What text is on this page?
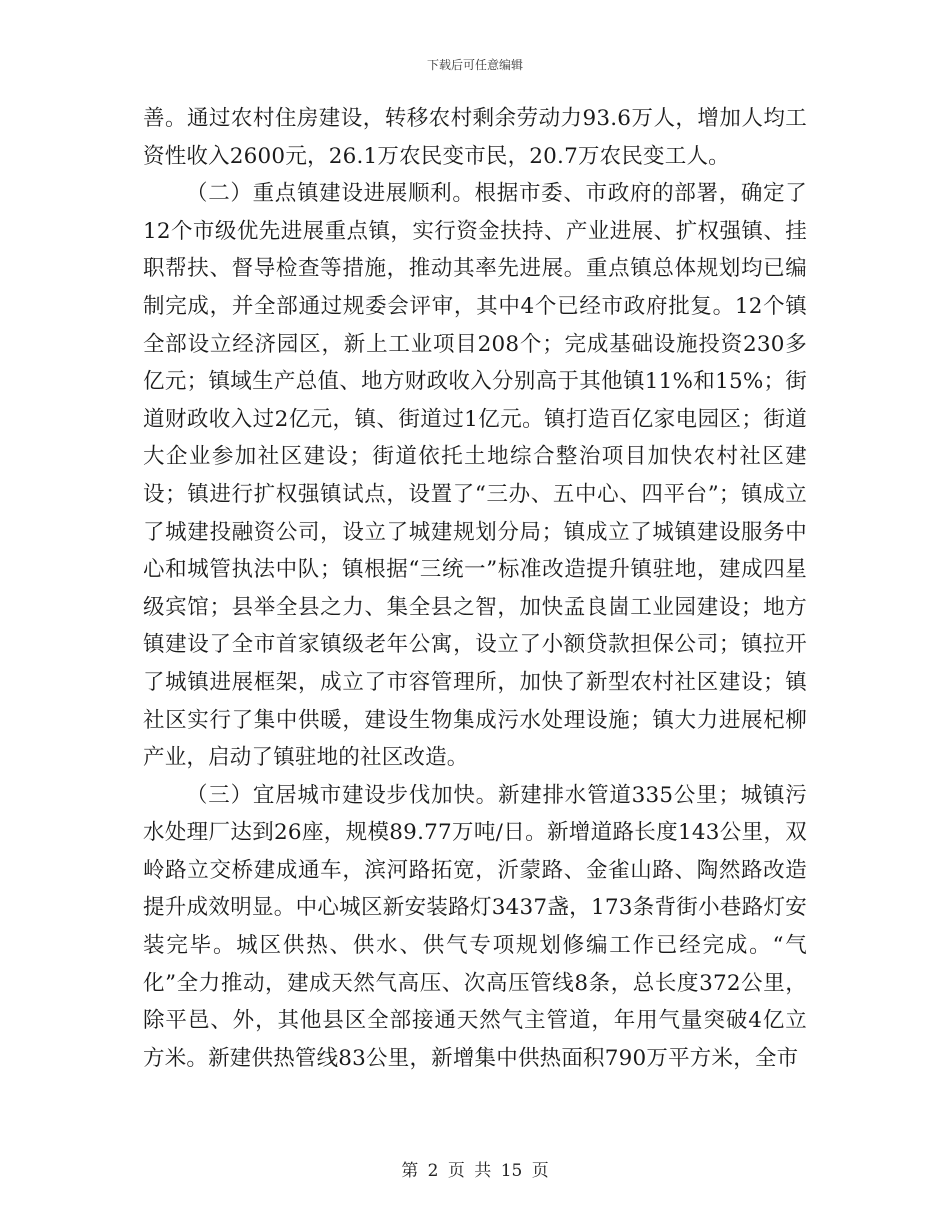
下载后可任意编辑

善。通过农村住房建设，转移农村剩余劳动力93.6万人，增加人均工资性收入2600元，26.1万农民变市民，20.7万农民变工人。

（二）重点镇建设进展顺利。根据市委、市政府的部署，确定了12个市级优先进展重点镇，实行资金扶持、产业进展、扩权强镇、挂职帮扶、督导检查等措施，推动其率先进展。重点镇总体规划均已编制完成，并全部通过规委会评审，其中4个已经市政府批复。12个镇全部设立经济园区，新上工业项目208个；完成基础设施投资230多亿元；镇域生产总值、地方财政收入分别高于其他镇11%和15%；街道财政收入过2亿元，镇、街道过1亿元。镇打造百亿家电园区；街道大企业参加社区建设；街道依托土地综合整治项目加快农村社区建设；镇进行扩权强镇试点，设置了“三办、五中心、四平台”；镇成立了城建投融资公司，设立了城建规划分局；镇成立了城镇建设服务中心和城管执法中队；镇根据“三统一”标准改造提升镇驻地，建成四星级宾馆；县举全县之力、集全县之智，加快孟良崮工业园建设；地方镇建设了全市首家镇级老年公寓，设立了小额贷款担保公司；镇拉开了城镇进展框架，成立了市容管理所，加快了新型农村社区建设；镇社区实行了集中供暖，建设生物集成污水处理设施；镇大力进展杞柳产业，启动了镇驻地的社区改造。

（三）宜居城市建设步伐加快。新建排水管道335公里；城镇污水处理厂达到26座，规模89.77万吨/日。新增道路长度143公里，双岭路立交桥建成通车，滨河路拓宽，沂蒙路、金雀山路、陶然路改造提升成效明显。中心城区新安装路灯3437盏，173条背街小巷路灯安装完毕。城区供热、供水、供气专项规划修编工作已经完成。“气化”全力推动，建成天然气高压、次高压管线8条，总长度372公里，除平邑、外，其他县区全部接通天然气主管道，年用气量突破4亿立方米。新建供热管线83公里，新增集中供热面积790万平方米，全市

第 2 页 共 15 页
